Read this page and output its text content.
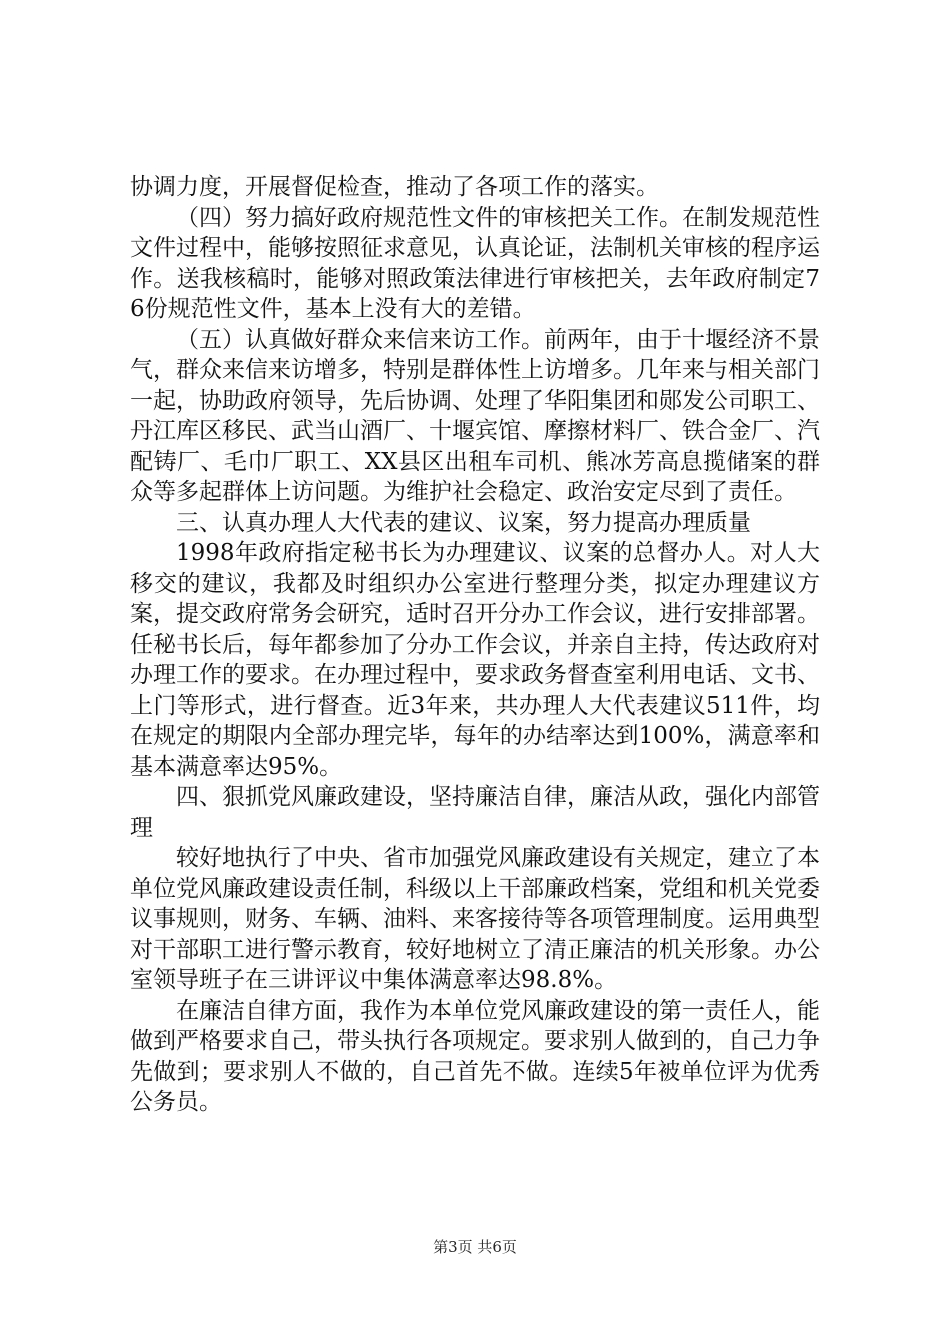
协调力度，开展督促检查，推动了各项工作的落实。

（四）努力搞好政府规范性文件的审核把关工作。在制发规范性文件过程中，能够按照征求意见，认真论证，法制机关审核的程序运作。送我核稿时，能够对照政策法律进行审核把关，去年政府制定76份规范性文件，基本上没有大的差错。

（五）认真做好群众来信来访工作。前两年，由于十堰经济不景气，群众来信来访增多，特别是群体性上访增多。几年来与相关部门一起，协助政府领导，先后协调、处理了华阳集团和郧发公司职工、丹江库区移民、武当山酒厂、十堰宾馆、摩擦材料厂、铁合金厂、汽配铸厂、毛巾厂职工、XX县区出租车司机、熊冰芳高息揽储案的群众等多起群体上访问题。为维护社会稳定、政治安定尽到了责任。

三、认真办理人大代表的建议、议案，努力提高办理质量

1998年政府指定秘书长为办理建议、议案的总督办人。对人大移交的建议，我都及时组织办公室进行整理分类，拟定办理建议方案，提交政府常务会研究，适时召开分办工作会议，进行安排部署。任秘书长后，每年都参加了分办工作会议，并亲自主持，传达政府对办理工作的要求。在办理过程中，要求政务督查室利用电话、文书、上门等形式，进行督查。近3年来，共办理人大代表建议511件，均在规定的期限内全部办理完毕，每年的办结率达到100%，满意率和基本满意率达95%。

四、狠抓党风廉政建设，坚持廉洁自律，廉洁从政，强化内部管理

较好地执行了中央、省市加强党风廉政建设有关规定，建立了本单位党风廉政建设责任制，科级以上干部廉政档案，党组和机关党委议事规则，财务、车辆、油料、来客接待等各项管理制度。运用典型对干部职工进行警示教育，较好地树立了清正廉洁的机关形象。办公室领导班子在三讲评议中集体满意率达98.8%。

在廉洁自律方面，我作为本单位党风廉政建设的第一责任人，能做到严格要求自己，带头执行各项规定。要求别人做到的，自己力争先做到；要求别人不做的，自己首先不做。连续5年被单位评为优秀公务员。

第3页 共6页
